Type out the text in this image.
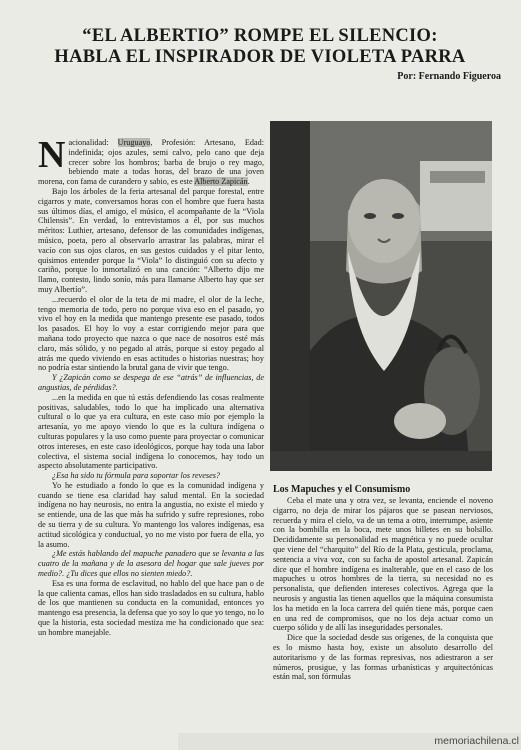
“EL ALBERTIO” ROMPE EL SILENCIO:
HABLA EL INSPIRADOR DE VIOLETA PARRA
Por: Fernando Figueroa

Nacionalidad: Uruguayo, Profesión: Artesano, Edad: indefinida; ojos azules, semi calvo, pelo cano que deja crecer sobre los hombros; barba de brujo o rey mago, bebiendo mate a todas horas, del brazo de una joven morena, con fama de curandero y sabio, es este Alberto Zapicán.

Bajo los árboles de la feria artesanal del parque forestal, entre cigarros y mate, conversamos horas con el hombre que fuera hasta sus últimos días, el amigo, el músico, el acompañante de la “Viola Chilensis”. En verdad, lo entrevistamos a él, por sus muchos méritos: Luthier, artesano, defensor de las comunidades indígenas, músico, poeta, pero al observarlo arrastrar las palabras, mirar el vacío con sus ojos claros, en sus gestos cuidados y el pitar lento, quisimos entender porque la “Viola” lo distinguió con su afecto y cariño, porque lo inmortalizó en una canción: “Alberto dijo me llamo, contesto, lindo sonío, más para llamarse Alberto hay que ser muy Albertío”.

...recuerdo el olor de la teta de mi madre, el olor de la leche, tengo memoria de todo, pero no porque viva eso en el pasado, yo vivo el hoy en la medida que mantengo presente ese pasado, todos los pasados. El hoy lo voy a estar corrigiendo mejor para que mañana todo proyecto que nazca o que nace de nosotros esté más claro, más sólido, y no pegado al atrás, porque si estoy pegado al atrás me quedo viviendo en esas actitudes o historias nuestras; hoy no podría estar sintiendo la brutal gana de vivir que tengo.

Y ¿Zapicán como se despega de ese “atrás” de influencias, de angustias, de pérdidas?.

...en la medida en que tú estás defendiendo las cosas realmente positivas, saludables, todo lo que ha implicado una alternativa cultural o lo que ya era cultura, en este caso mío por ejemplo la artesanía, yo me apoyo viendo lo que es la cultura indígena o culturas populares y la uso como puente para proyectar o comunicar otros intereses, en este caso ideológicos, porque hay toda una labor colectiva, el sistema social indígena lo conocemos, hay todo un aspecto absolutamente participativo.

¿Esa ha sido tu fórmula para soportar los reveses?

Yo he estudiado a fondo lo que es la comunidad indígena y cuando se tiene esa claridad hay salud mental. En la sociedad indígena no hay neurosis, no entra la angustia, no existe el miedo y se entiende, una de las que más ha sufrido y sufre represiones, robo de su tierra y de su cultura. Yo mantengo los valores indígenas, esa actitud sicológica y conductual, yo no me visto por fuera de ella, yo la asumo.

¿Me estás hablando del mapuche panadero que se levanta a las cuatro de la mañana y de la asesora del hogar que sale jueves por medio?. ¿Tu dices que ellos no sienten miedo?.

Esa es una forma de esclavitud, no hablo del que hace pan o de la que calienta camas, ellos han sido trasladados en su cultura, hablo de los que mantienen su conducta en la comunidad, entonces yo mantengo esa presencia, la defensa que yo soy lo que yo tengo, no lo que la historia, esta sociedad mestiza me ha condicionado que sea: un hombre manejable.

Los Mapuches y el Consumismo

Ceba el mate una y otra vez, se levanta, enciende el noveno cigarro, no deja de mirar los pájaros que se pasean nerviosos, recuerda y mira el cielo, va de un tema a otro, interrumpe, asiente con la bombilla en la boca, mete unos billetes en su bolsillo. Decididamente su personalidad es magnética y no puede ocultar que viene del “charquito” del Río de la Plata, gesticula, proclama, sentencia a viva voz, con su facha de apostol artesanal. Zapicán dice que el hombre indígena es inalterable, que en el caso de los mapuches u otros hombres de la tierra, su necesidad no es personalista, que defienden intereses colectivos. Agrega que la neurosis y angustia las tienen aquellos que la máquina consumista los ha metido en la loca carrera del quién tiene más, porque caen en una red de compromisos, que no los deja actuar como un cuerpo sólido y de allí las inseguridades personales.

Dice que la sociedad desde sus orígenes, de la conquista que es lo mismo hasta hoy, existe un absoluto desarrollo del autoritarismo y de las formas represivas, nos adiestraron a ser números, prosigue, y las formas urbanísticas y arquitectónicas están mal, son fórmulas

memoriachilena.cl
